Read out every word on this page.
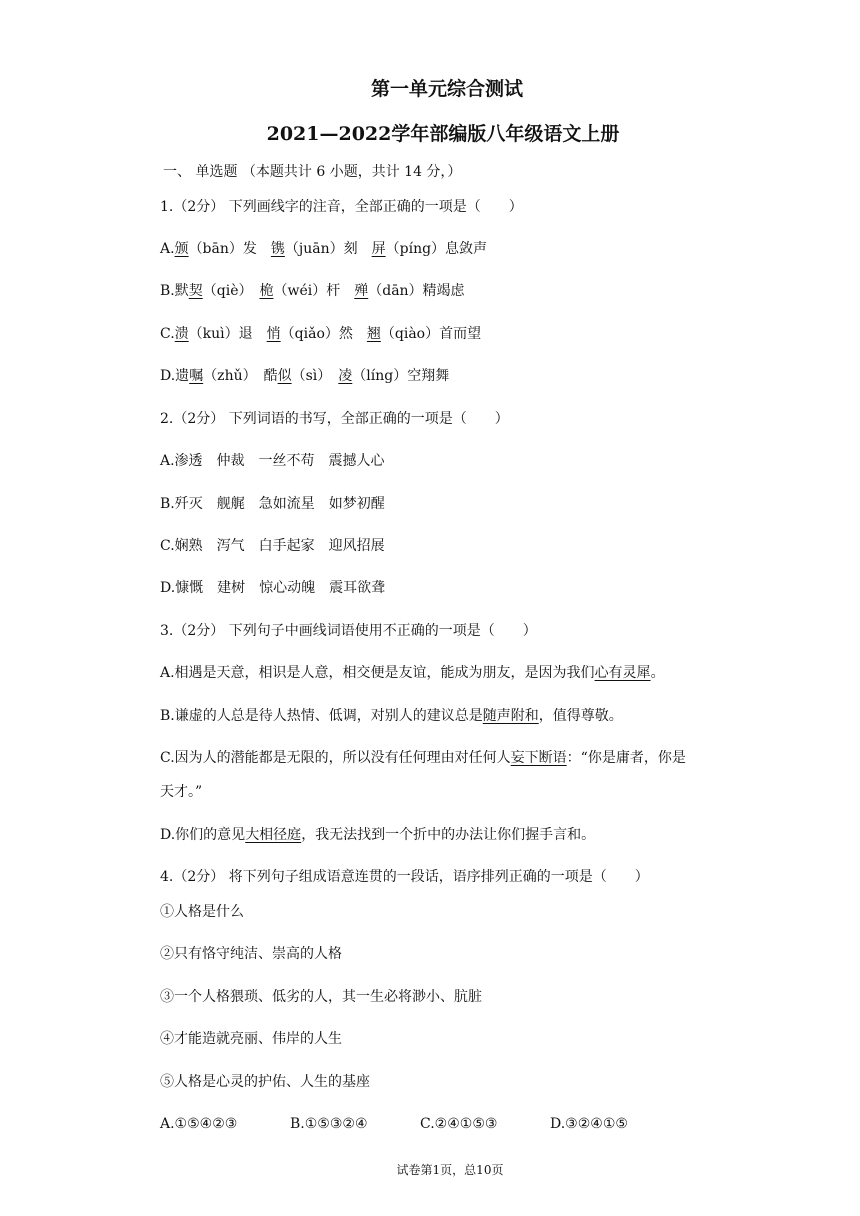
第一单元综合测试
2021—2022学年部编版八年级语文上册
一、 单选题 （本题共计 6 小题，共计 14 分，）
1.（2分） 下列画线字的注音，全部正确的一项是（　　）
A.颁（bān）发　镌（juān）刻　屏（píng）息敛声
B.默契（qiè）　桅（wéi）杆　殚（dān）精竭虑
C.溃（kuì）退　悄（qiǎo）然　翘（qiào）首而望
D.遗嘱（zhǔ）　酷似（sì）　凌（líng）空翔舞
2.（2分） 下列词语的书写，全部正确的一项是（　　）
A.渗透　仲裁　一丝不苟　震撼人心
B.歼灭　舰艉　急如流星　如梦初醒
C.娴熟　泻气　白手起家　迎风招展
D.慷慨　建树　惊心动魄　震耳欲聋
3.（2分） 下列句子中画线词语使用不正确的一项是（　　）
A.相遇是天意，相识是人意，相交便是友谊，能成为朋友，是因为我们心有灵犀。
B.谦虚的人总是待人热情、低调，对别人的建议总是随声附和，值得尊敬。
C.因为人的潜能都是无限的，所以没有任何理由对任何人妄下断语：“你是庸者，你是
天才。”
D.你们的意见大相径庭，我无法找到一个折中的办法让你们握手言和。
4.（2分） 将下列句子组成语意连贯的一段话，语序排列正确的一项是（　　）
①人格是什么
②只有恪守纯洁、崇高的人格
③一个人格猥琐、低劣的人，其一生必将渺小、肮脏
④才能造就亮丽、伟岸的人生
⑤人格是心灵的护佑、人生的基座
A.①⑤④②③	B.①⑤③②④	C.②④①⑤③	D.③②④①⑤
试卷第1页，总10页
